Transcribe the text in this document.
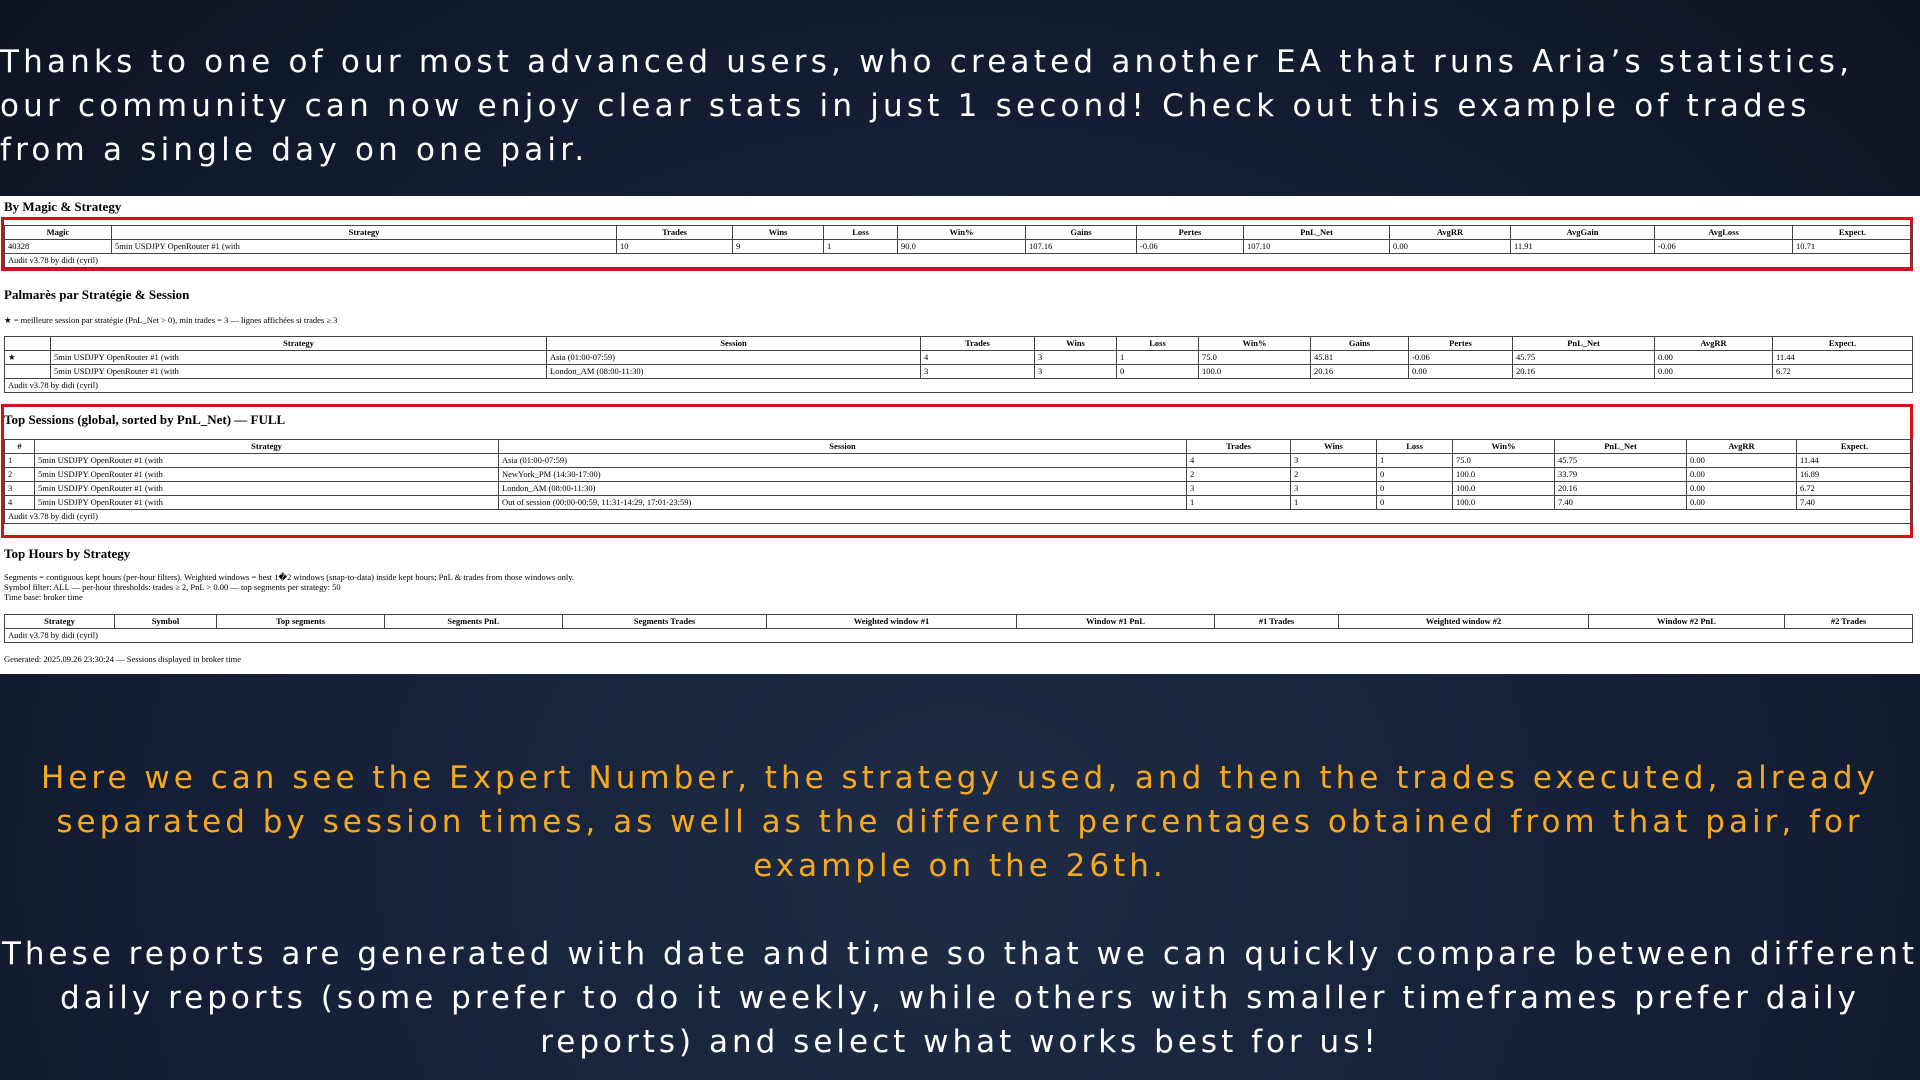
Thanks to one of our most advanced users, who created another EA that runs Aria’s statistics, our community can now enjoy clear stats in just 1 second! Check out this example of trades from a single day on one pair.

By Magic & Strategy
Magic	Strategy	Trades	Wins	Loss	Win%	Gains	Pertes	PnL_Net	AvgRR	AvgGain	AvgLoss	Expect.
40328	5min USDJPY OpenRouter #1 (with	10	9	1	90.0	107.16	-0.06	107.10	0.00	11.91	-0.06	10.71
Audit v3.78 by didi (cyril)												
Palmarès par Stratégie & Session
★ = meilleure session par stratégie (PnL_Net > 0), min trades = 3 — lignes affichées si trades ≥ 3
	Strategy	Session	Trades	Wins	Loss	Win%	Gains	Pertes	PnL_Net	AvgRR	Expect.
★	5min USDJPY OpenRouter #1 (with	Asia (01:00-07:59)	4	3	1	75.0	45.81	-0.06	45.75	0.00	11.44
	5min USDJPY OpenRouter #1 (with	London_AM (08:00-11:30)	3	3	0	100.0	20.16	0.00	20.16	0.00	6.72
Audit v3.78 by didi (cyril)											
Top Sessions (global, sorted by PnL_Net) — FULL
#	Strategy	Session	Trades	Wins	Loss	Win%	PnL_Net	AvgRR	Expect.
1	5min USDJPY OpenRouter #1 (with	Asia (01:00-07:59)	4	3	1	75.0	45.75	0.00	11.44
2	5min USDJPY OpenRouter #1 (with	NewYork_PM (14:30-17:00)	2	2	0	100.0	33.79	0.00	16.89
3	5min USDJPY OpenRouter #1 (with	London_AM (08:00-11:30)	3	3	0	100.0	20.16	0.00	6.72
4	5min USDJPY OpenRouter #1 (with	Out of session (00:00-00:59, 11:31-14:29, 17:01-23:59)	1	1	0	100.0	7.40	0.00	7.40
Audit v3.78 by didi (cyril)									
Top Hours by Strategy
Segments = contiguous kept hours (per-hour filters). Weighted windows = best 1�2 windows (snap-to-data) inside kept hours; PnL & trades from those windows only.
Symbol filter: ALL — per-hour thresholds: trades ≥ 2, PnL > 0.00 — top segments per strategy: 50
Time base: broker time
Strategy	Symbol	Top segments	Segments PnL	Segments Trades	Weighted window #1	Window #1 PnL	#1 Trades	Weighted window #2	Window #2 PnL	#2 Trades
Audit v3.78 by didi (cyril)
Generated: 2025.09.26 23:30:24 — Sessions displayed in broker time

Here we can see the Expert Number, the strategy used, and then the trades executed, already separated by session times, as well as the different percentages obtained from that pair, for example on the 26th.

These reports are generated with date and time so that we can quickly compare between different daily reports (some prefer to do it weekly, while others with smaller timeframes prefer daily reports) and select what works best for us!
